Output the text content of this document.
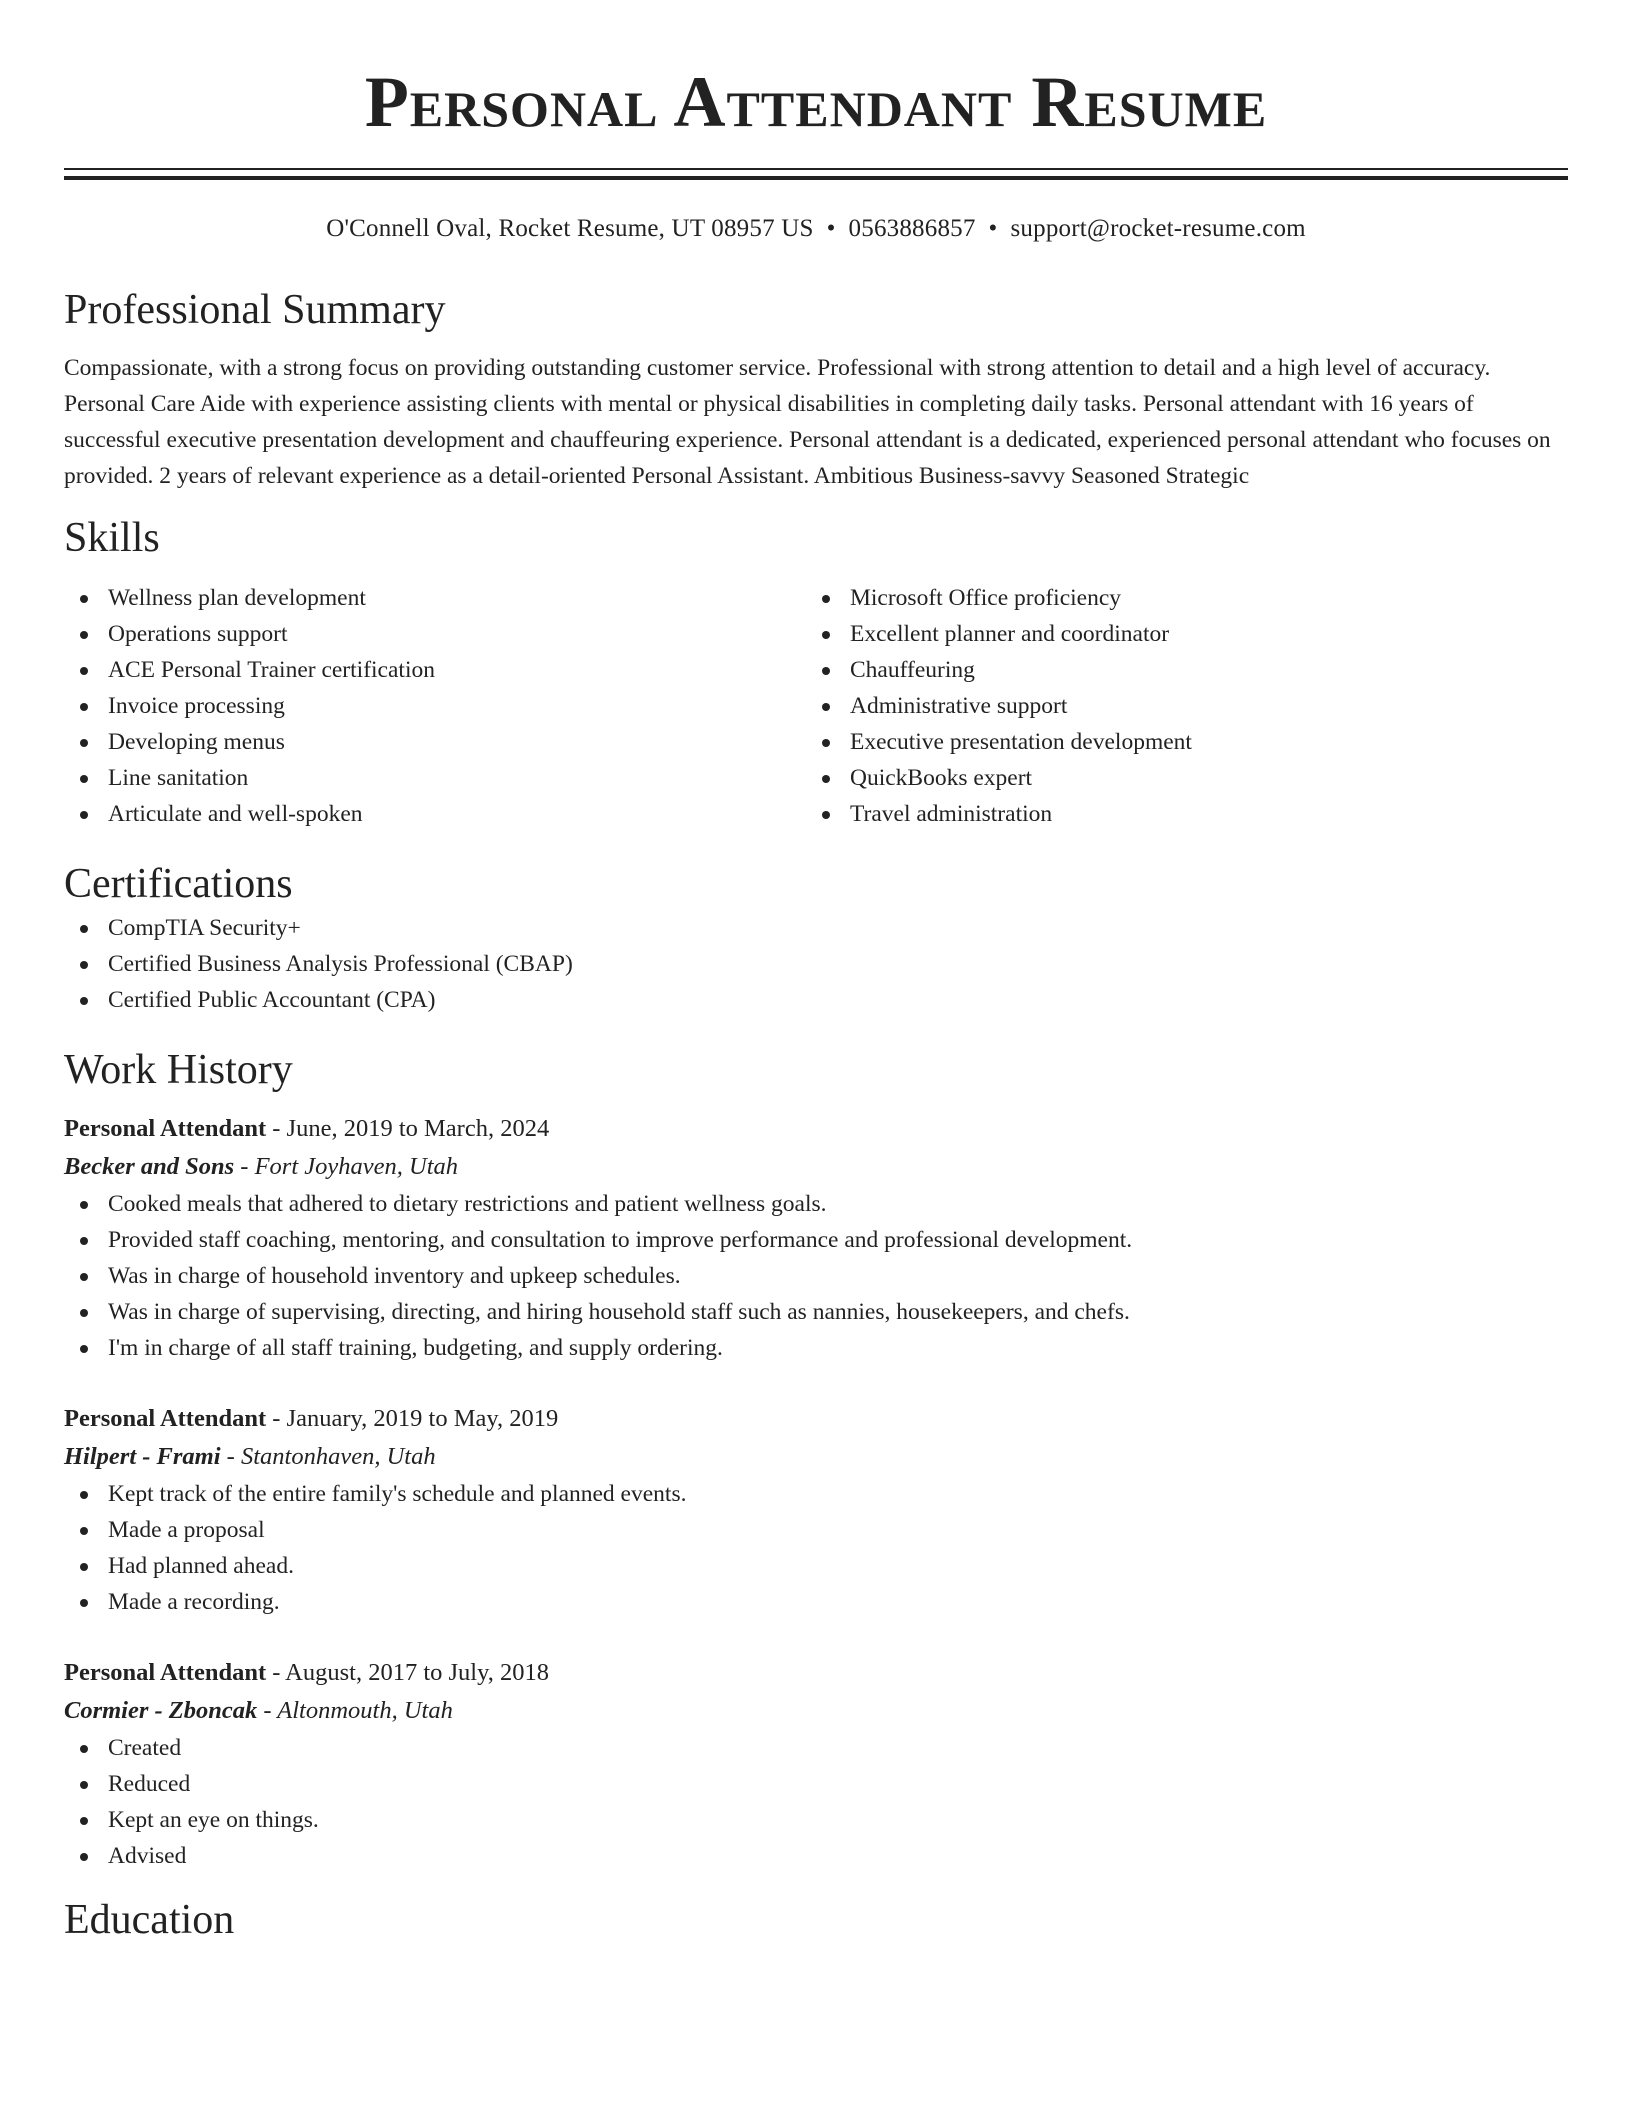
Personal Attendant Resume
O'Connell Oval, Rocket Resume, UT 08957 US • 0563886857 • support@rocket-resume.com
Professional Summary

Compassionate, with a strong focus on providing outstanding customer service. Professional with strong attention to detail and a high level of accuracy. Personal Care Aide with experience assisting clients with mental or physical disabilities in completing daily tasks. Personal attendant with 16 years of successful executive presentation development and chauffeuring experience. Personal attendant is a dedicated, experienced personal attendant who focuses on provided. 2 years of relevant experience as a detail-oriented Personal Assistant. Ambitious Business-savvy Seasoned Strategic

Skills
Wellness plan development
Operations support
ACE Personal Trainer certification
Invoice processing
Developing menus
Line sanitation
Articulate and well-spoken
Microsoft Office proficiency
Excellent planner and coordinator
Chauffeuring
Administrative support
Executive presentation development
QuickBooks expert
Travel administration
Certifications
CompTIA Security+
Certified Business Analysis Professional (CBAP)
Certified Public Accountant (CPA)
Work History
Personal Attendant - June, 2019 to March, 2024
Becker and Sons - Fort Joyhaven, Utah
Cooked meals that adhered to dietary restrictions and patient wellness goals.
Provided staff coaching, mentoring, and consultation to improve performance and professional development.
Was in charge of household inventory and upkeep schedules.
Was in charge of supervising, directing, and hiring household staff such as nannies, housekeepers, and chefs.
I'm in charge of all staff training, budgeting, and supply ordering.
Personal Attendant - January, 2019 to May, 2019
Hilpert - Frami - Stantonhaven, Utah
Kept track of the entire family's schedule and planned events.
Made a proposal
Had planned ahead.
Made a recording.
Personal Attendant - August, 2017 to July, 2018
Cormier - Zboncak - Altonmouth, Utah
Created
Reduced
Kept an eye on things.
Advised
Education
